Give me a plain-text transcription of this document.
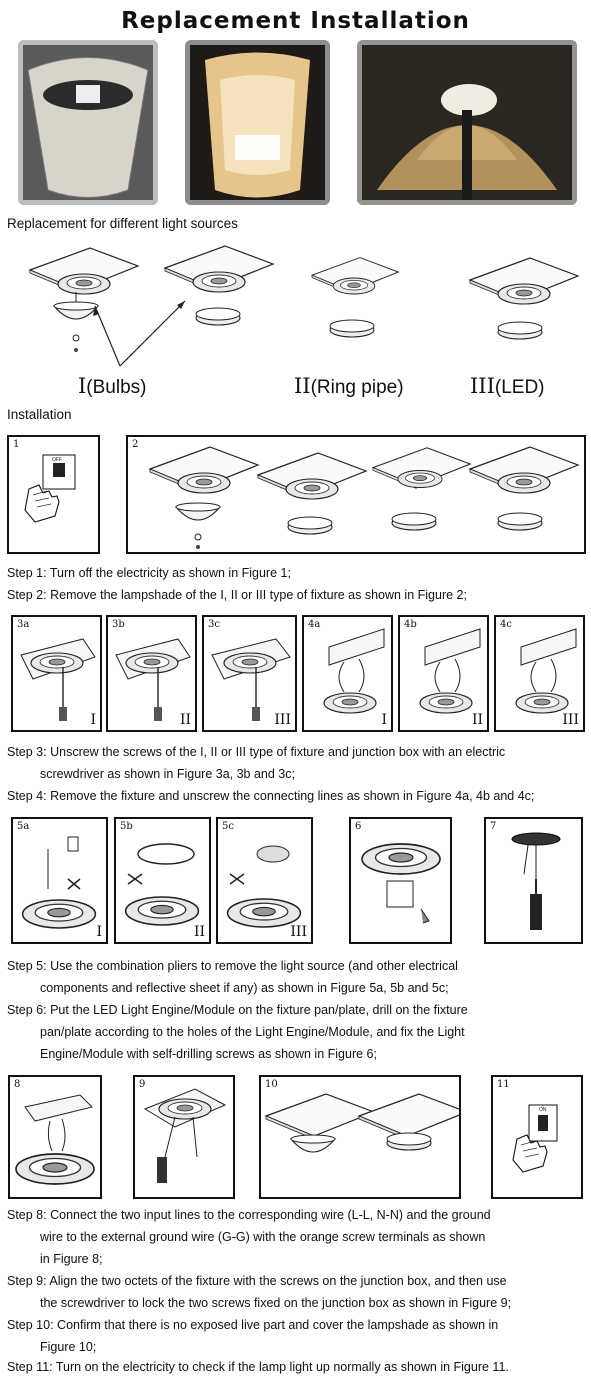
Replacement Installation
Replacement for different light sources
I(Bulbs)	II(Ring pipe)	III(LED)
Installation
1
OFF
2
Step 1: Turn off the electricity as shown in Figure 1;
Step 2: Remove the lampshade of the I, II or III type of fixture as shown in Figure 2;
3a
I
3b
II
3c
III
4a
I
4b
II
4c
III
Step 3: Unscrew the screws of the I, II or III type of fixture and junction box with an electric
screwdriver as shown in Figure 3a, 3b and 3c;
Step 4: Remove the fixture and unscrew the connecting lines as shown in Figure 4a, 4b and 4c;
5a
I
5b
II
5c
III
6	7
Step 5: Use the combination pliers to remove the light source (and other electrical
components and reflective sheet if any) as shown in Figure 5a, 5b and 5c;
Step 6: Put the LED Light Engine/Module on the fixture pan/plate, drill on the fixture
pan/plate according to the holes of the Light Engine/Module, and fix the Light
Engine/Module with self-drilling screws as shown in Figure 6;
8	9	10	11
ON
Step 8: Connect the two input lines to the corresponding wire (L-L, N-N) and the ground
wire to the external ground wire (G-G) with the orange screw terminals as shown
in Figure 8;
Step 9: Align the two octets of the fixture with the screws on the junction box, and then use
the screwdriver to lock the two screws fixed on the junction box as shown in Figure 9;
Step 10: Confirm that there is no exposed live part and cover the lampshade as shown in
Figure 10;
Step 11: Turn on the electricity to check if the lamp light up normally as shown in Figure 11.
